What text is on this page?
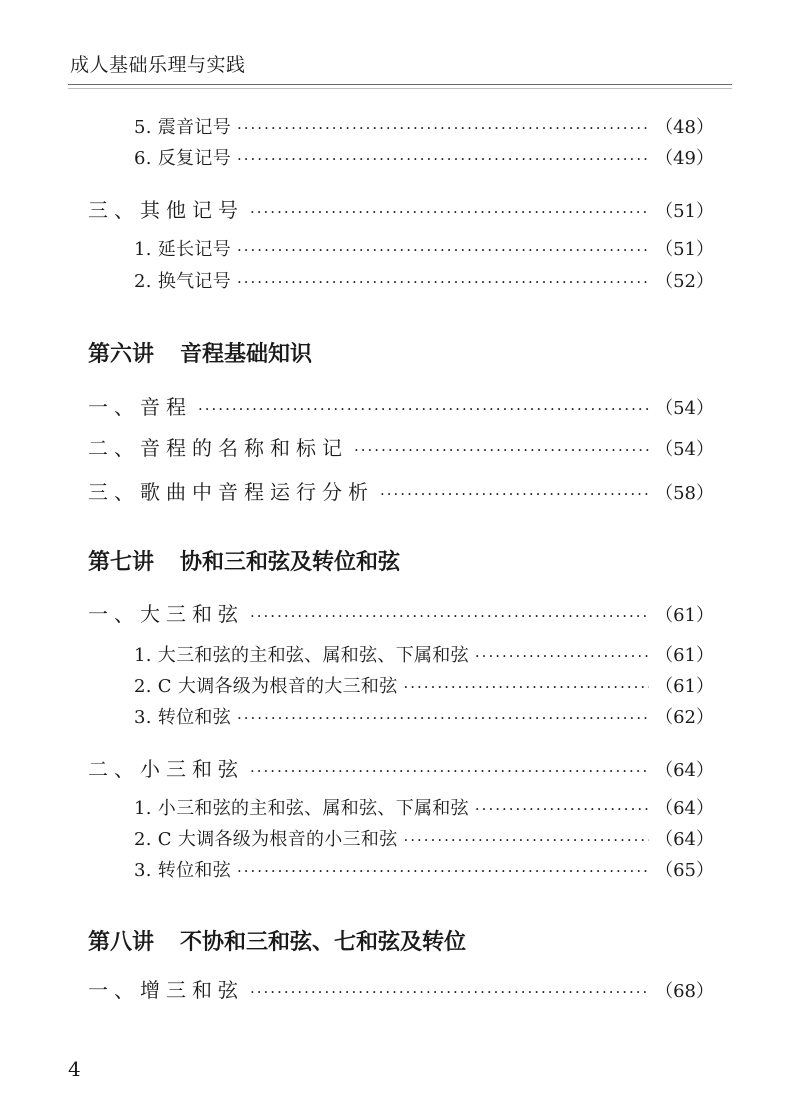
成人基础乐理与实践
5. 震音记号 ·····	（48）
6. 反复记号 ·····	（49）
三、其他记号 ·····	（51）
1. 延长记号 ·····	（51）
2. 换气记号 ·····	（52）
第六讲 音程基础知识
一、音程 ·····	（54）
二、音程的名称和标记 ·····	（54）
三、歌曲中音程运行分析 ·····	（58）
第七讲 协和三和弦及转位和弦
一、大三和弦 ·····	（61）
1. 大三和弦的主和弦、属和弦、下属和弦 ·····	（61）
2. C 大调各级为根音的大三和弦 ·····	（61）
3. 转位和弦 ·····	（62）
二、小三和弦 ·····	（64）
1. 小三和弦的主和弦、属和弦、下属和弦 ·····	（64）
2. C 大调各级为根音的小三和弦 ·····	（64）
3. 转位和弦 ·····	（65）
第八讲 不协和三和弦、七和弦及转位
一、增三和弦 ·····	（68）
4
